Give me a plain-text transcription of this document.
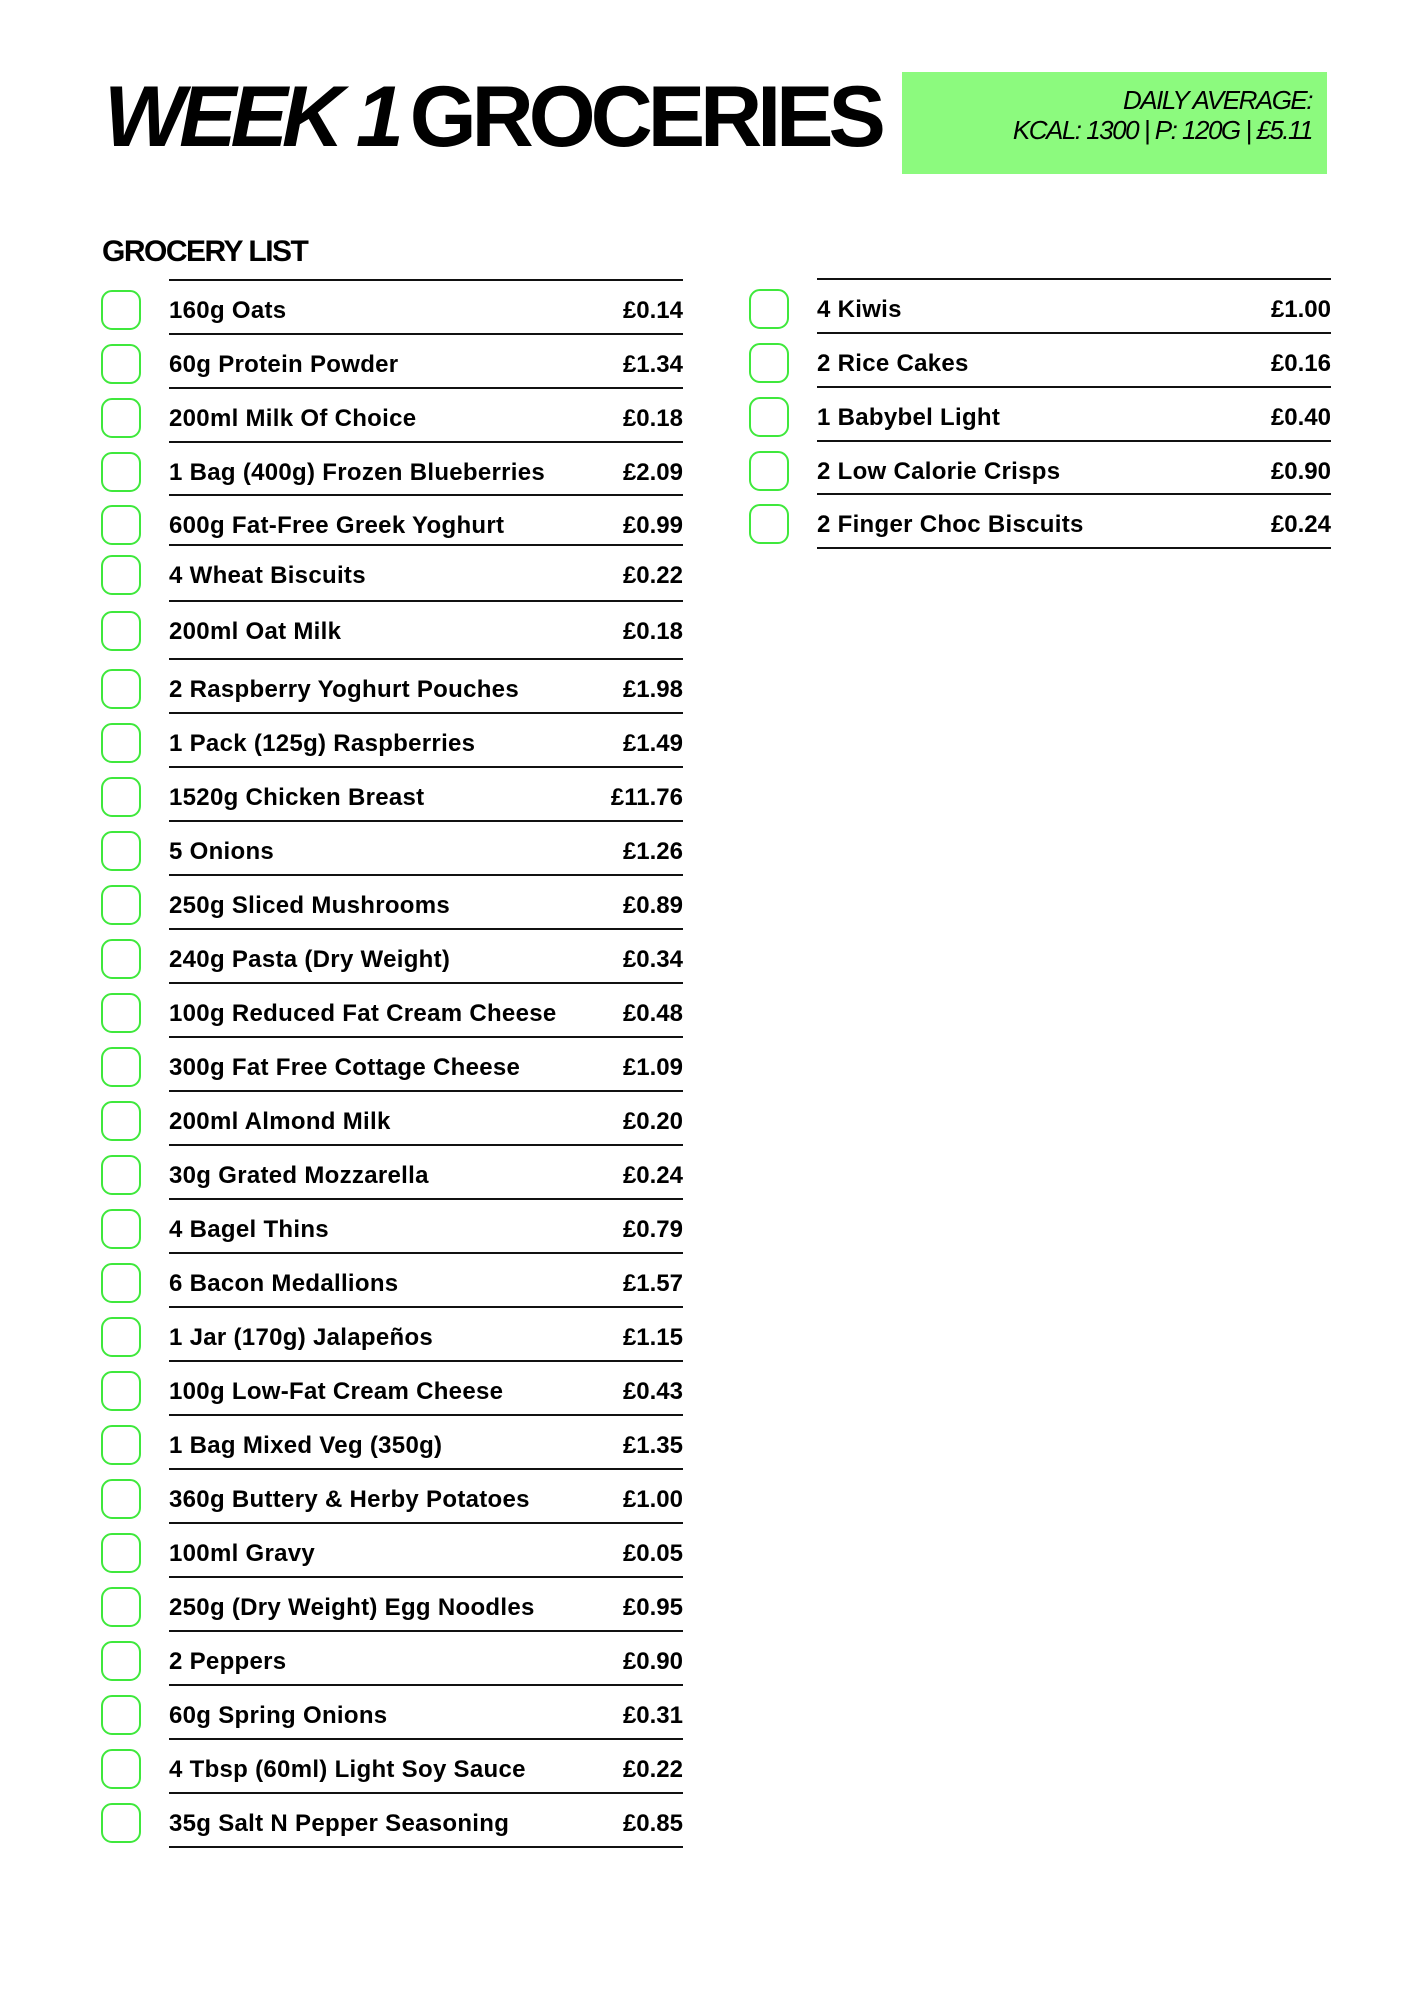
WEEK 1 GROCERIES	DAILY AVERAGE:
KCAL: 1300 | P: 120G | £5.11
GROCERY LIST
160g Oats	£0.14
60g Protein Powder	£1.34
200ml Milk Of Choice	£0.18
1 Bag (400g) Frozen Blueberries	£2.09
600g Fat-Free Greek Yoghurt	£0.99
4 Wheat Biscuits	£0.22
200ml Oat Milk	£0.18
2 Raspberry Yoghurt Pouches	£1.98
1 Pack (125g) Raspberries	£1.49
1520g Chicken Breast	£11.76
5 Onions	£1.26
250g Sliced Mushrooms	£0.89
240g Pasta (Dry Weight)	£0.34
100g Reduced Fat Cream Cheese	£0.48
300g Fat Free Cottage Cheese	£1.09
200ml Almond Milk	£0.20
30g Grated Mozzarella	£0.24
4 Bagel Thins	£0.79
6 Bacon Medallions	£1.57
1 Jar (170g) Jalapeños	£1.15
100g Low-Fat Cream Cheese	£0.43
1 Bag Mixed Veg (350g)	£1.35
360g Buttery & Herby Potatoes	£1.00
100ml Gravy	£0.05
250g (Dry Weight) Egg Noodles	£0.95
2 Peppers	£0.90
60g Spring Onions	£0.31
4 Tbsp (60ml) Light Soy Sauce	£0.22
35g Salt N Pepper Seasoning	£0.85
4 Kiwis	£1.00
2 Rice Cakes	£0.16
1 Babybel Light	£0.40
2 Low Calorie Crisps	£0.90
2 Finger Choc Biscuits	£0.24
